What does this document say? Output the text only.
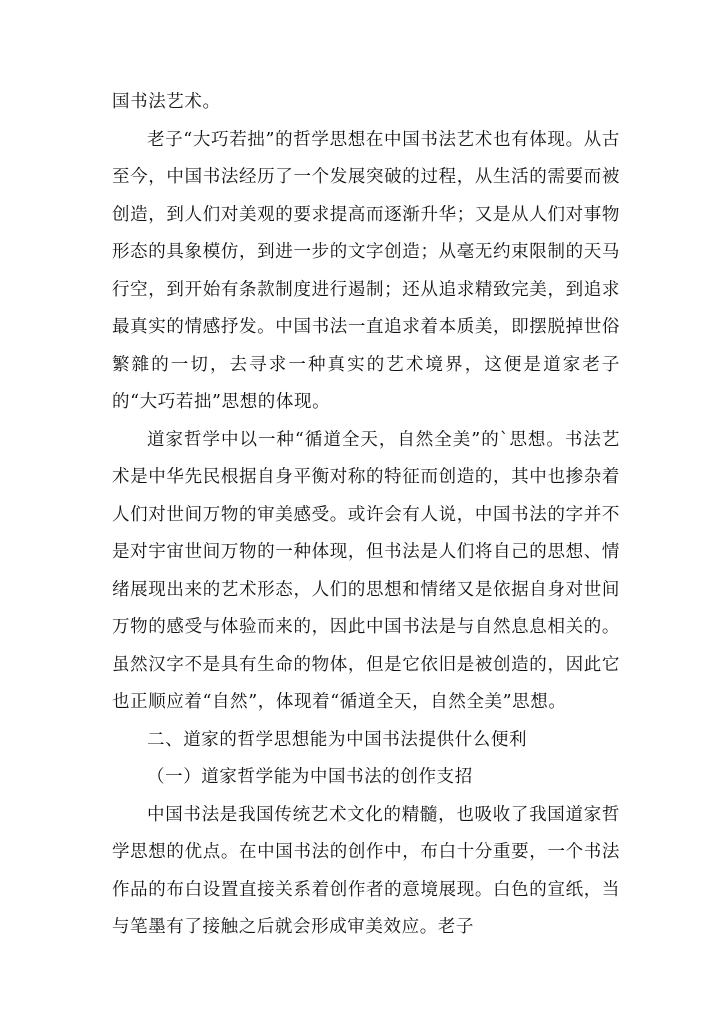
国书法艺术。

老子“大巧若拙”的哲学思想在中国书法艺术也有体现。从古至今，中国书法经历了一个发展突破的过程，从生活的需要而被创造，到人们对美观的要求提高而逐渐升华；又是从人们对事物形态的具象模仿，到进一步的文字创造；从毫无约束限制的天马行空，到开始有条款制度进行遏制；还从追求精致完美，到追求最真实的情感抒发。中国书法一直追求着本质美，即摆脱掉世俗繁雜的一切，去寻求一种真实的艺术境界，这便是道家老子的“大巧若拙”思想的体现。

道家哲学中以一种“循道全天，自然全美”的`思想。书法艺术是中华先民根据自身平衡对称的特征而创造的，其中也掺杂着人们对世间万物的审美感受。或许会有人说，中国书法的字并不是对宇宙世间万物的一种体现，但书法是人们将自己的思想、情绪展现出来的艺术形态，人们的思想和情绪又是依据自身对世间万物的感受与体验而来的，因此中国书法是与自然息息相关的。虽然汉字不是具有生命的物体，但是它依旧是被创造的，因此它也正顺应着“自然”，体现着“循道全天，自然全美”思想。

二、道家的哲学思想能为中国书法提供什么便利

（一）道家哲学能为中国书法的创作支招

中国书法是我国传统艺术文化的精髓，也吸收了我国道家哲学思想的优点。在中国书法的创作中，布白十分重要，一个书法作品的布白设置直接关系着创作者的意境展现。白色的宣纸，当与笔墨有了接触之后就会形成审美效应。老子
